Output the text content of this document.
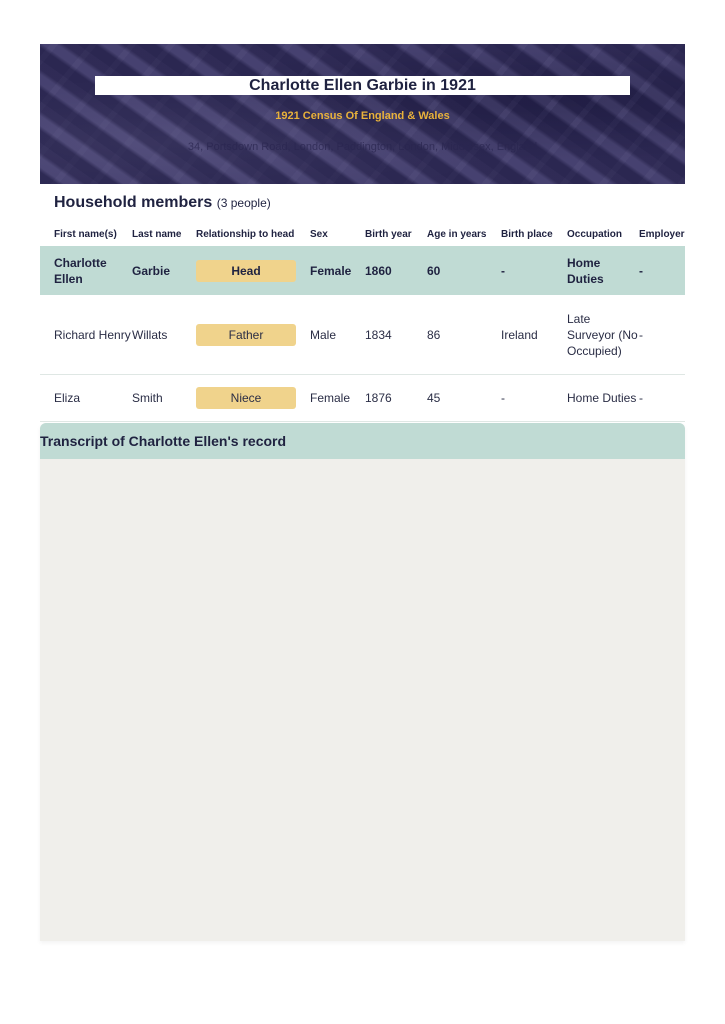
Charlotte Ellen Garbie in 1921
1921 Census Of England & Wales
34, Portsdown Road, London, Paddington, London, Middlesex, England
Household members (3 people)
First name(s)	Last name	Relationship to head	Sex	Birth year	Age in years	Birth place	Occupation	Employer
Charlotte Ellen	Garbie	Head	Female	1860	60	-	Home Duties	-
Richard Henry	Willats	Father	Male	1834	86	Ireland	Late Surveyor (No Occupied)	-
Eliza	Smith	Niece	Female	1876	45	-	Home Duties	-
Transcript of Charlotte Ellen's record
